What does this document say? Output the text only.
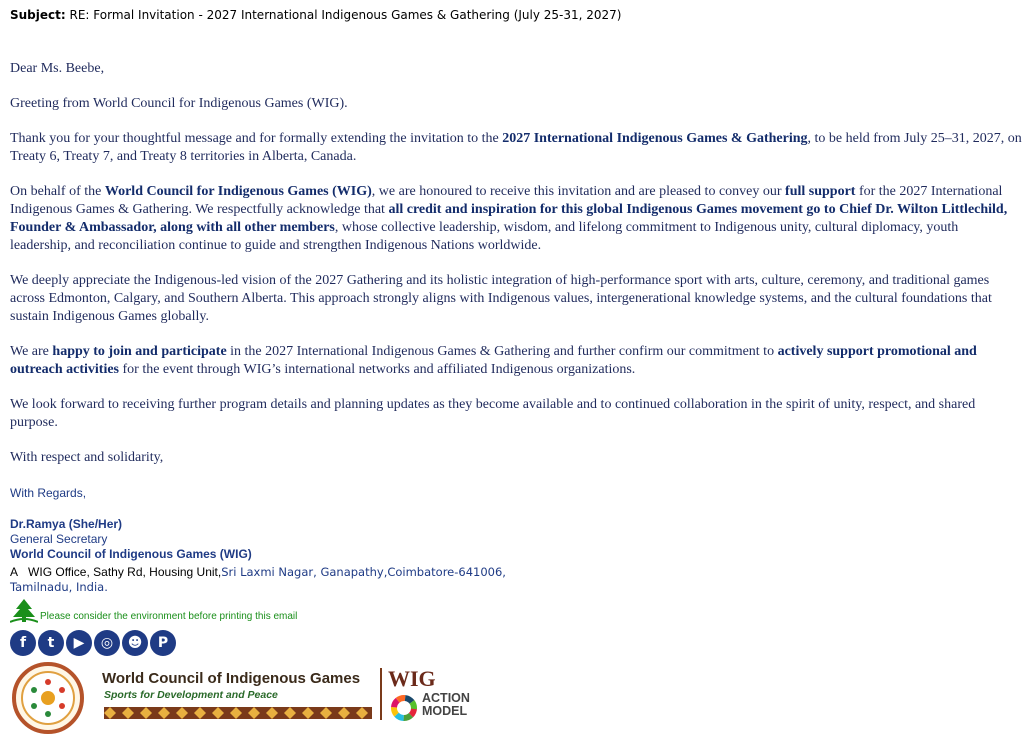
Subject: RE: Formal Invitation - 2027 International Indigenous Games & Gathering (July 25-31, 2027)

Dear Ms. Beebe,

Greeting from World Council for Indigenous Games (WIG).

Thank you for your thoughtful message and for formally extending the invitation to the 2027 International Indigenous Games & Gathering, to be held from July 25–31, 2027, on Treaty 6, Treaty 7, and Treaty 8 territories in Alberta, Canada.

On behalf of the World Council for Indigenous Games (WIG), we are honoured to receive this invitation and are pleased to convey our full support for the 2027 International Indigenous Games & Gathering. We respectfully acknowledge that all credit and inspiration for this global Indigenous Games movement go to Chief Dr. Wilton Littlechild, Founder & Ambassador, along with all other members, whose collective leadership, wisdom, and lifelong commitment to Indigenous unity, cultural diplomacy, youth leadership, and reconciliation continue to guide and strengthen Indigenous Nations worldwide.

We deeply appreciate the Indigenous-led vision of the 2027 Gathering and its holistic integration of high-performance sport with arts, culture, ceremony, and traditional games across Edmonton, Calgary, and Southern Alberta. This approach strongly aligns with Indigenous values, intergenerational knowledge systems, and the cultural foundations that sustain Indigenous Games globally.

We are happy to join and participate in the 2027 International Indigenous Games & Gathering and further confirm our commitment to actively support promotional and outreach activities for the event through WIG’s international networks and affiliated Indigenous organizations.

We look forward to receiving further program details and planning updates as they become available and to continued collaboration in the spirit of unity, respect, and shared purpose.

With respect and solidarity,

With Regards,
Dr.Ramya (She/Her)
General Secretary
World Council of Indigenous Games (WIG)
A WIG Office, Sathy Rd, Housing Unit,Sri Laxmi Nagar, Ganapathy,Coimbatore-641006,
Tamilnadu, India.
Please consider the environment before printing this email
f	t	▶	◎	☻	P
World Council of Indigenous Games
Sports for Development and Peace
WIG
ACTION
MODEL
